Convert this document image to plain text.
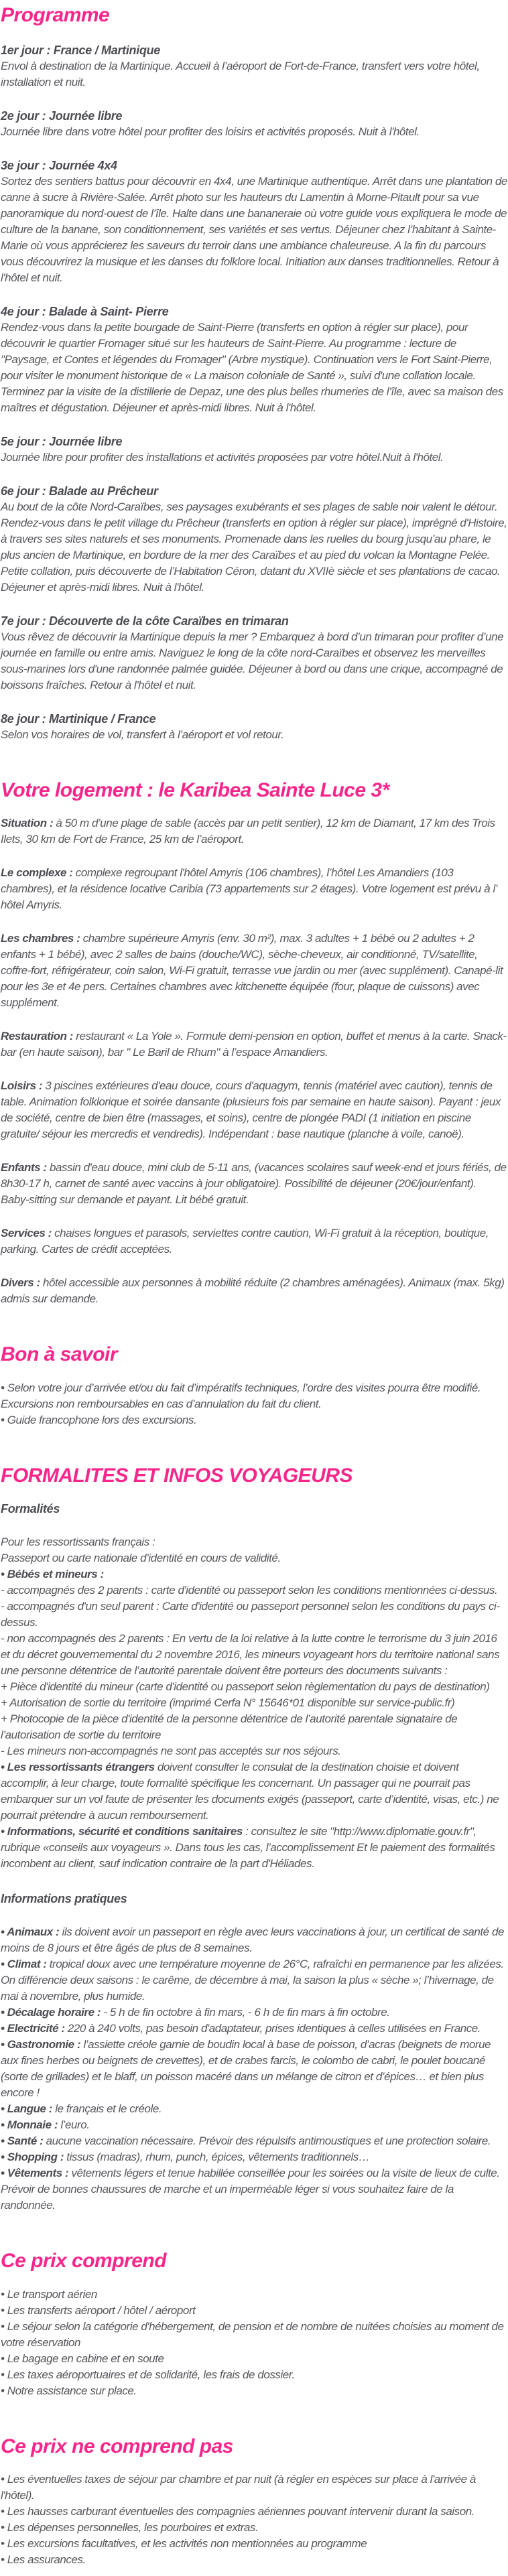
Programme
1er jour : France / Martinique

Envol à destination de la Martinique. Accueil à l’aéroport de Fort-de-France, transfert vers votre hôtel, installation et nuit.

2e jour : Journée libre

Journée libre dans votre hôtel pour profiter des loisirs et activités proposés. Nuit à l'hôtel.

3e jour : Journée 4x4

Sortez des sentiers battus pour découvrir en 4x4, une Martinique authentique. Arrêt dans une plantation de canne à sucre à Rivière-Salée. Arrêt photo sur les hauteurs du Lamentin à Morne-Pitault pour sa vue panoramique du nord-ouest de l’île. Halte dans une bananeraie où votre guide vous expliquera le mode de culture de la banane, son conditionnement, ses variétés et ses vertus. Déjeuner chez l’habitant à Sainte-Marie où vous apprécierez les saveurs du terroir dans une ambiance chaleureuse. A la fin du parcours vous découvrirez la musique et les danses du folklore local. Initiation aux danses traditionnelles. Retour à l'hôtel et nuit.

4e jour : Balade à Saint- Pierre

Rendez-vous dans la petite bourgade de Saint-Pierre (transferts en option à régler sur place), pour découvrir le quartier Fromager situé sur les hauteurs de Saint-Pierre. Au programme : lecture de "Paysage, et Contes et légendes du Fromager" (Arbre mystique). Continuation vers le Fort Saint-Pierre, pour visiter le monument historique de « La maison coloniale de Santé », suivi d'une collation locale. Terminez par la visite de la distillerie de Depaz, une des plus belles rhumeries de l’île, avec sa maison des maîtres et dégustation. Déjeuner et après-midi libres. Nuit à l'hôtel.

5e jour : Journée libre

Journée libre pour profiter des installations et activités proposées par votre hôtel.Nuit à l'hôtel.

6e jour : Balade au Prêcheur

Au bout de la côte Nord-Caraïbes, ses paysages exubérants et ses plages de sable noir valent le détour. Rendez-vous dans le petit village du Prêcheur (transferts en option à régler sur place), imprégné d'Histoire, à travers ses sites naturels et ses monuments. Promenade dans les ruelles du bourg jusqu’au phare, le plus ancien de Martinique, en bordure de la mer des Caraïbes et au pied du volcan la Montagne Pelée. Petite collation, puis découverte de l’Habitation Céron, datant du XVIIè siècle et ses plantations de cacao. Déjeuner et après-midi libres. Nuit à l'hôtel.

7e jour : Découverte de la côte Caraïbes en trimaran

Vous rêvez de découvrir la Martinique depuis la mer ? Embarquez à bord d’un trimaran pour profiter d’une journée en famille ou entre amis. Naviguez le long de la côte nord-Caraïbes et observez les merveilles sous-marines lors d'une randonnée palmée guidée. Déjeuner à bord ou dans une crique, accompagné de boissons fraîches. Retour à l'hôtel et nuit.

8e jour : Martinique / France

Selon vos horaires de vol, transfert à l’aéroport et vol retour.

Votre logement : le Karibea Sainte Luce 3*

Situation : à 50 m d’une plage de sable (accès par un petit sentier), 12 km de Diamant, 17 km des Trois Ilets, 30 km de Fort de France, 25 km de l’aéroport.

Le complexe : complexe regroupant l'hôtel Amyris (106 chambres), l’hôtel Les Amandiers (103 chambres), et la résidence locative Caribia (73 appartements sur 2 étages). Votre logement est prévu à l’ hôtel Amyris.

Les chambres : chambre supérieure Amyris (env. 30 m²), max. 3 adultes + 1 bébé ou 2 adultes + 2 enfants + 1 bébé), avec 2 salles de bains (douche/WC), sèche-cheveux, air conditionné, TV/satellite, coffre-fort, réfrigérateur, coin salon, Wi-Fi gratuit, terrasse vue jardin ou mer (avec supplément). Canapé-lit pour les 3e et 4e pers. Certaines chambres avec kitchenette équipée (four, plaque de cuissons) avec supplément.

Restauration : restaurant « La Yole ». Formule demi-pension en option, buffet et menus à la carte. Snack-bar (en haute saison), bar " Le Baril de Rhum" à l’espace Amandiers.

Loisirs : 3 piscines extérieures d'eau douce, cours d'aquagym, tennis (matériel avec caution), tennis de table. Animation folklorique et soirée dansante (plusieurs fois par semaine en haute saison). Payant : jeux de société, centre de bien être (massages, et soins), centre de plongée PADI (1 initiation en piscine gratuite/ séjour les mercredis et vendredis). Indépendant : base nautique (planche à voile, canoë).

Enfants : bassin d'eau douce, mini club de 5-11 ans, (vacances scolaires sauf week-end et jours fériés, de 8h30-17 h, carnet de santé avec vaccins à jour obligatoire). Possibilité de déjeuner (20€/jour/enfant). Baby-sitting sur demande et payant. Lit bébé gratuit.

Services : chaises longues et parasols, serviettes contre caution, Wi-Fi gratuit à la réception, boutique, parking. Cartes de crédit acceptées.

Divers : hôtel accessible aux personnes à mobilité réduite (2 chambres aménagées). Animaux (max. 5kg) admis sur demande.

Bon à savoir

• Selon votre jour d’arrivée et/ou du fait d’impératifs techniques, l’ordre des visites pourra être modifié. Excursions non remboursables en cas d’annulation du fait du client.

• Guide francophone lors des excursions.

FORMALITES ET INFOS VOYAGEURS

Formalités

Pour les ressortissants français :

Passeport ou carte nationale d’identité en cours de validité.

• Bébés et mineurs :

- accompagnés des 2 parents : carte d'identité ou passeport selon les conditions mentionnées ci-dessus.

- accompagnés d'un seul parent : Carte d'identité ou passeport personnel selon les conditions du pays ci-dessus.

- non accompagnés des 2 parents : En vertu de la loi relative à la lutte contre le terrorisme du 3 juin 2016 et du décret gouvernemental du 2 novembre 2016, les mineurs voyageant hors du territoire national sans une personne détentrice de l’autorité parentale doivent être porteurs des documents suivants :

+ Pièce d'identité du mineur (carte d'identité ou passeport selon règlementation du pays de destination)

+ Autorisation de sortie du territoire (imprimé Cerfa N° 15646*01 disponible sur service-public.fr)

+ Photocopie de la pièce d'identité de la personne détentrice de l’autorité parentale signataire de l’autorisation de sortie du territoire

- Les mineurs non-accompagnés ne sont pas acceptés sur nos séjours.

• Les ressortissants étrangers doivent consulter le consulat de la destination choisie et doivent accomplir, à leur charge, toute formalité spécifique les concernant. Un passager qui ne pourrait pas embarquer sur un vol faute de présenter les documents exigés (passeport, carte d’identité, visas, etc.) ne pourrait prétendre à aucun remboursement.

• Informations, sécurité et conditions sanitaires : consultez le site "http://www.diplomatie.gouv.fr", rubrique «conseils aux voyageurs ». Dans tous les cas, l’accomplissement Et le paiement des formalités incombent au client, sauf indication contraire de la part d'Héliades.

Informations pratiques

• Animaux : ils doivent avoir un passeport en règle avec leurs vaccinations à jour, un certificat de santé de moins de 8 jours et être âgés de plus de 8 semaines.

• Climat : tropical doux avec une température moyenne de 26°C, rafraîchi en permanence par les alizées. On différencie deux saisons : le carême, de décembre à mai, la saison la plus « sèche »; l’hivernage, de mai à novembre, plus humide.

• Décalage horaire : - 5 h de fin octobre à fin mars, - 6 h de fin mars à fin octobre.

• Electricité : 220 à 240 volts, pas besoin d'adaptateur, prises identiques à celles utilisées en France.

• Gastronomie : l’assiette créole garnie de boudin local à base de poisson, d’acras (beignets de morue aux fines herbes ou beignets de crevettes), et de crabes farcis, le colombo de cabri, le poulet boucané (sorte de grillades) et le blaff, un poisson macéré dans un mélange de citron et d’épices… et bien plus encore !

• Langue : le français et le créole.

• Monnaie : l’euro.

• Santé : aucune vaccination nécessaire. Prévoir des répulsifs antimoustiques et une protection solaire.

• Shopping : tissus (madras), rhum, punch, épices, vêtements traditionnels…

• Vêtements : vêtements légers et tenue habillée conseillée pour les soirées ou la visite de lieux de culte. Prévoir de bonnes chaussures de marche et un imperméable léger si vous souhaitez faire de la randonnée.

Ce prix comprend

• Le transport aérien

• Les transferts aéroport / hôtel / aéroport

• Le séjour selon la catégorie d'hébergement, de pension et de nombre de nuitées choisies au moment de votre réservation

• Le bagage en cabine et en soute

• Les taxes aéroportuaires et de solidarité, les frais de dossier.

• Notre assistance sur place.

Ce prix ne comprend pas

• Les éventuelles taxes de séjour par chambre et par nuit (à régler en espèces sur place à l'arrivée à l'hôtel).

• Les hausses carburant éventuelles des compagnies aériennes pouvant intervenir durant la saison.

• Les dépenses personnelles, les pourboires et extras.

• Les excursions facultatives, et les activités non mentionnées au programme

• Les assurances.
